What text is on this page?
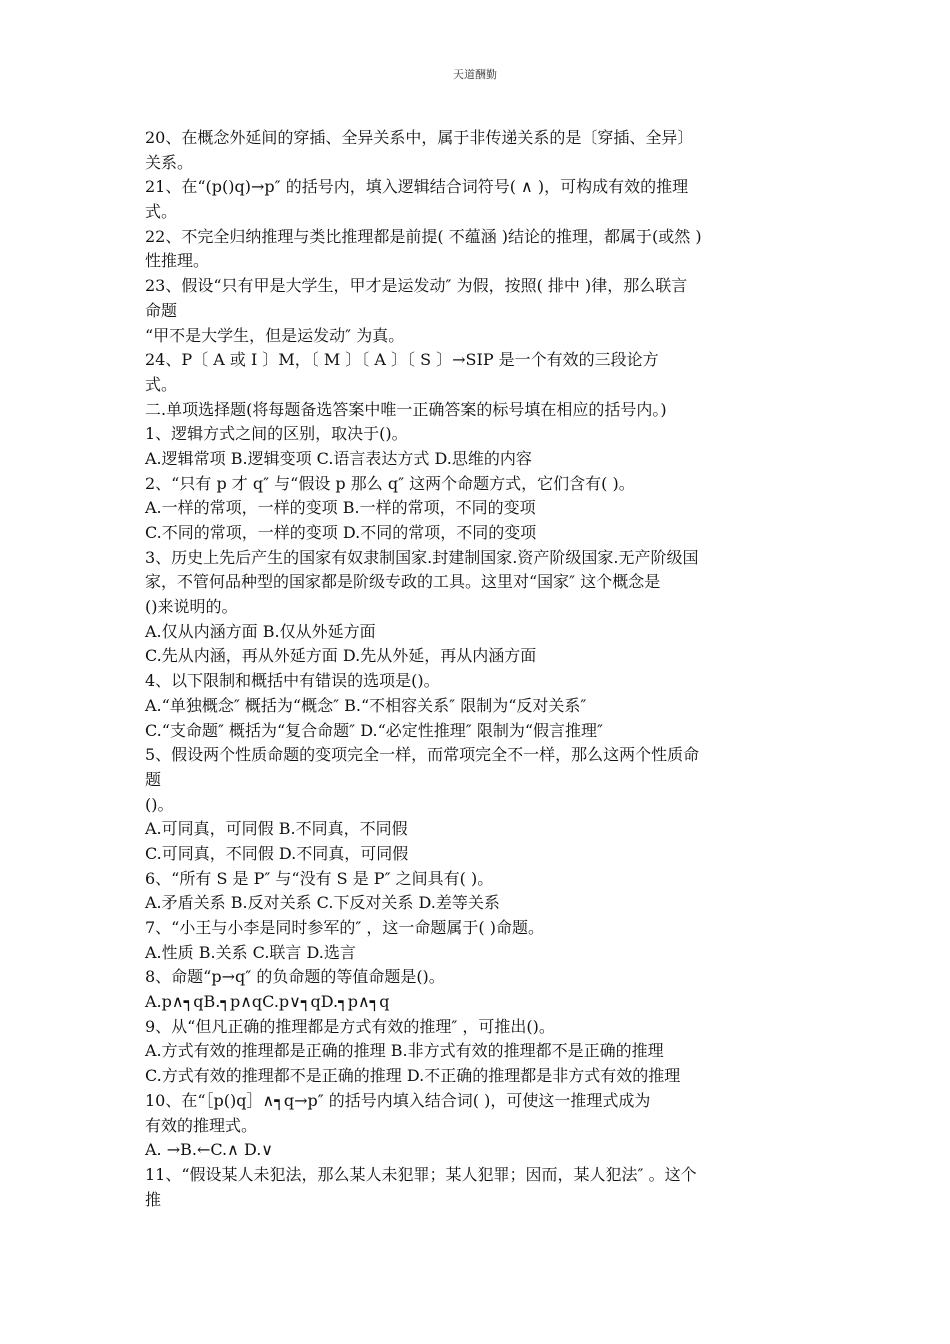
天道酬勤
20、在概念外延间的穿插、全异关系中，属于非传递关系的是〔穿插、全异〕
关系。
21、在“(p()q)→p″ 的括号内，填入逻辑结合词符号( ∧ )，可构成有效的推理
式。
22、不完全归纳推理与类比推理都是前提( 不蕴涵 )结论的推理，都属于(或然 )
性推理。
23、假设“只有甲是大学生，甲才是运发动″ 为假，按照( 排中 )律，那么联言
命题
“甲不是大学生，但是运发动″ 为真。
24、P〔 A 或 I 〕M，〔 M 〕〔 A 〕〔 S 〕→SIP 是一个有效的三段论方
式。
二.单项选择题(将每题备选答案中唯一正确答案的标号填在相应的括号内。)
1、逻辑方式之间的区别，取决于()。
A.逻辑常项 B.逻辑变项 C.语言表达方式 D.思维的内容
2、“只有 p 才 q″ 与“假设 p 那么 q″ 这两个命题方式，它们含有( )。
A.一样的常项，一样的变项 B.一样的常项，不同的变项
C.不同的常项，一样的变项 D.不同的常项，不同的变项
3、历史上先后产生的国家有奴隶制国家.封建制国家.资产阶级国家.无产阶级国
家，不管何品种型的国家都是阶级专政的工具。这里对“国家″ 这个概念是
()来说明的。
A.仅从内涵方面 B.仅从外延方面
C.先从内涵，再从外延方面 D.先从外延，再从内涵方面
4、以下限制和概括中有错误的选项是()。
A.“单独概念″ 概括为“概念″ B.“不相容关系″ 限制为“反对关系″
C.“支命题″ 概括为“复合命题″ D.“必定性推理″ 限制为“假言推理″
5、假设两个性质命题的变项完全一样，而常项完全不一样，那么这两个性质命
题
()。
A.可同真，可同假 B.不同真，不同假
C.可同真，不同假 D.不同真，可同假
6、“所有 S 是 P″ 与“没有 S 是 P″ 之间具有( )。
A.矛盾关系 B.反对关系 C.下反对关系 D.差等关系
7、“小王与小李是同时参军的″ ，这一命题属于( )命题。
A.性质 B.关系 C.联言 D.选言
8、命题“p→q″ 的负命题的等值命题是()。
A.p∧┑qB.┑p∧qC.p∨┑qD.┑p∧┑q
9、从“但凡正确的推理都是方式有效的推理″ ，可推出()。
A.方式有效的推理都是正确的推理 B.非方式有效的推理都不是正确的推理
C.方式有效的推理都不是正确的推理 D.不正确的推理都是非方式有效的推理
10、在“［p()q］∧┑q→p″ 的括号内填入结合词( )，可使这一推理式成为
有效的推理式。
A. →B.←C.∧ D.∨
11、“假设某人未犯法，那么某人未犯罪；某人犯罪；因而，某人犯法″ 。这个
推
